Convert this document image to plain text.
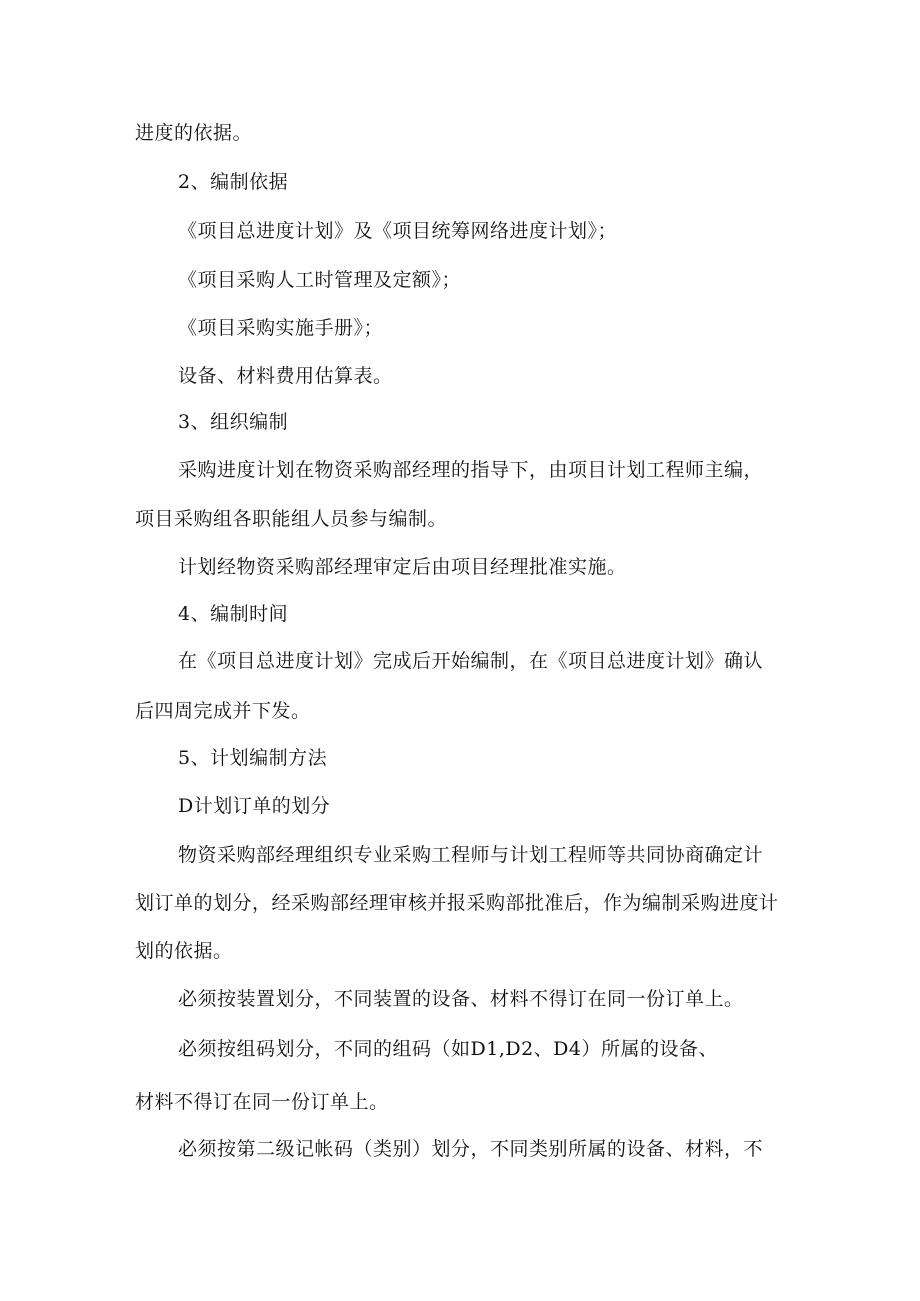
进度的依据。
2、编制依据
《项目总进度计划》及《项目统筹网络进度计划》；
《项目采购人工时管理及定额》；
《项目采购实施手册》；
设备、材料费用估算表。
3、组织编制
采购进度计划在物资采购部经理的指导下，由项目计划工程师主编，
项目采购组各职能组人员参与编制。
计划经物资采购部经理审定后由项目经理批准实施。
4、编制时间
在《项目总进度计划》完成后开始编制，在《项目总进度计划》确认
后四周完成并下发。
5、计划编制方法
D计划订单的划分
物资采购部经理组织专业采购工程师与计划工程师等共同协商确定计
划订单的划分，经采购部经理审核并报采购部批准后，作为编制采购进度计
划的依据。
必须按装置划分，不同装置的设备、材料不得订在同一份订单上。
必须按组码划分，不同的组码（如D1,D2、D4）所属的设备、
材料不得订在同一份订单上。
必须按第二级记帐码（类别）划分，不同类别所属的设备、材料，不
